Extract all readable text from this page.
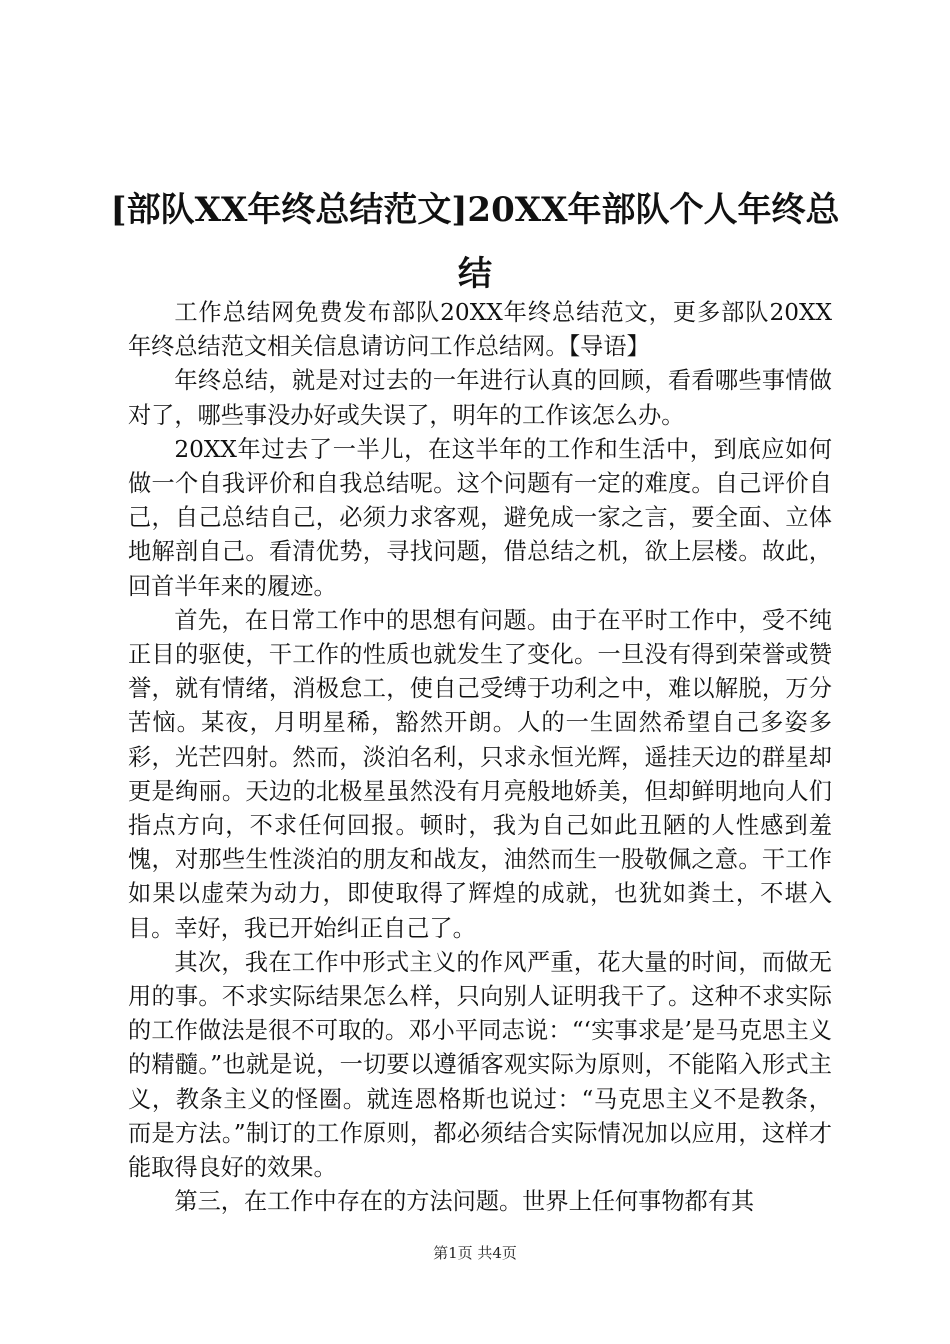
[部队XX年终总结范文]20XX年部队个人年终总结

工作总结网免费发布部队20XX年终总结范文，更多部队20XX年终总结范文相关信息请访问工作总结网。【导语】

年终总结，就是对过去的一年进行认真的回顾，看看哪些事情做对了，哪些事没办好或失误了，明年的工作该怎么办。

20XX年过去了一半儿，在这半年的工作和生活中，到底应如何做一个自我评价和自我总结呢。这个问题有一定的难度。自己评价自己，自己总结自己，必须力求客观，避免成一家之言，要全面、立体地解剖自己。看清优势，寻找问题，借总结之机，欲上层楼。故此，回首半年来的履迹。

首先，在日常工作中的思想有问题。由于在平时工作中，受不纯正目的驱使，干工作的性质也就发生了变化。一旦没有得到荣誉或赞誉，就有情绪，消极怠工，使自己受缚于功利之中，难以解脱，万分苦恼。某夜，月明星稀，豁然开朗。人的一生固然希望自己多姿多彩，光芒四射。然而，淡泊名利，只求永恒光辉，遥挂天边的群星却更是绚丽。天边的北极星虽然没有月亮般地娇美，但却鲜明地向人们指点方向，不求任何回报。顿时，我为自己如此丑陋的人性感到羞愧，对那些生性淡泊的朋友和战友，油然而生一股敬佩之意。干工作如果以虚荣为动力，即使取得了辉煌的成就，也犹如粪土，不堪入目。幸好，我已开始纠正自己了。

其次，我在工作中形式主义的作风严重，花大量的时间，而做无用的事。不求实际结果怎么样，只向别人证明我干了。这种不求实际的工作做法是很不可取的。邓小平同志说：“‘实事求是’是马克思主义的精髓。”也就是说，一切要以遵循客观实际为原则，不能陷入形式主义，教条主义的怪圈。就连恩格斯也说过：“马克思主义不是教条，而是方法。”制订的工作原则，都必须结合实际情况加以应用，这样才能取得良好的效果。

第三，在工作中存在的方法问题。世界上任何事物都有其

第1页 共4页
